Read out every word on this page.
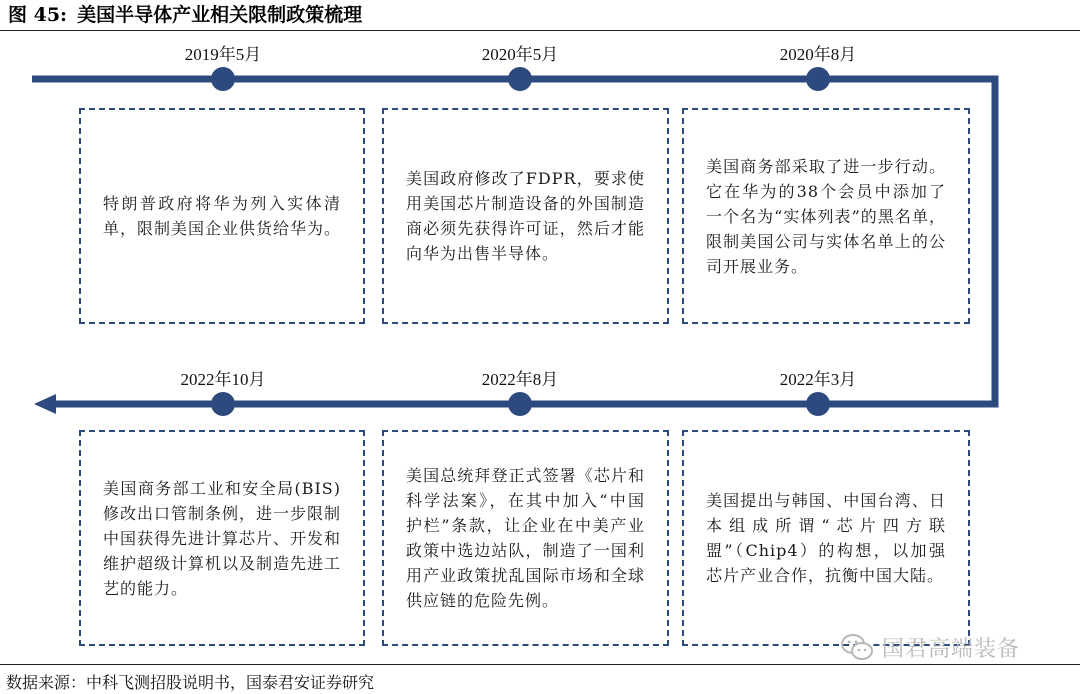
图 45: 美国半导体产业相关限制政策梳理
2019年5月	2020年5月	2020年8月

特朗普政府将华为列入实体清单，限制美国企业供货给华为。

美国政府修改了FDPR，要求使用美国芯片制造设备的外国制造商必须先获得许可证，然后才能向华为出售半导体。

美国商务部采取了进一步行动。它在华为的38个会员中添加了一个名为“实体列表”的黑名单，限制美国公司与实体名单上的公司开展业务。

2022年10月	2022年8月	2022年3月

美国商务部工业和安全局(BIS)修改出口管制条例，进一步限制中国获得先进计算芯片、开发和维护超级计算机以及制造先进工艺的能力。

美国总统拜登正式签署《芯片和科学法案》，在其中加入“中国护栏”条款，让企业在中美产业政策中选边站队，制造了一国利用产业政策扰乱国际市场和全球供应链的危险先例。

美国提出与韩国、中国台湾、日本组成所谓“芯片四方联盟”（Chip4）的构想，以加强芯片产业合作，抗衡中国大陆。

国君高端装备
数据来源：中科飞测招股说明书，国泰君安证券研究
